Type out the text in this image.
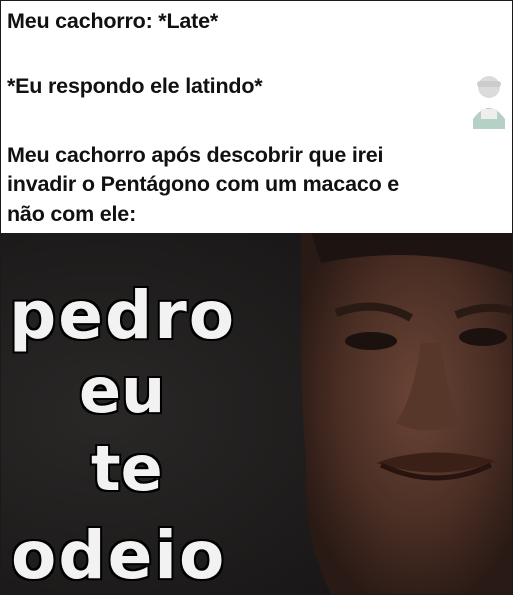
Meu cachorro: *Late*
*Eu respondo ele latindo*
Meu cachorro após descobrir que irei
invadir o Pentágono com um macaco e
não com ele:
pedro
eu
te
odeio
